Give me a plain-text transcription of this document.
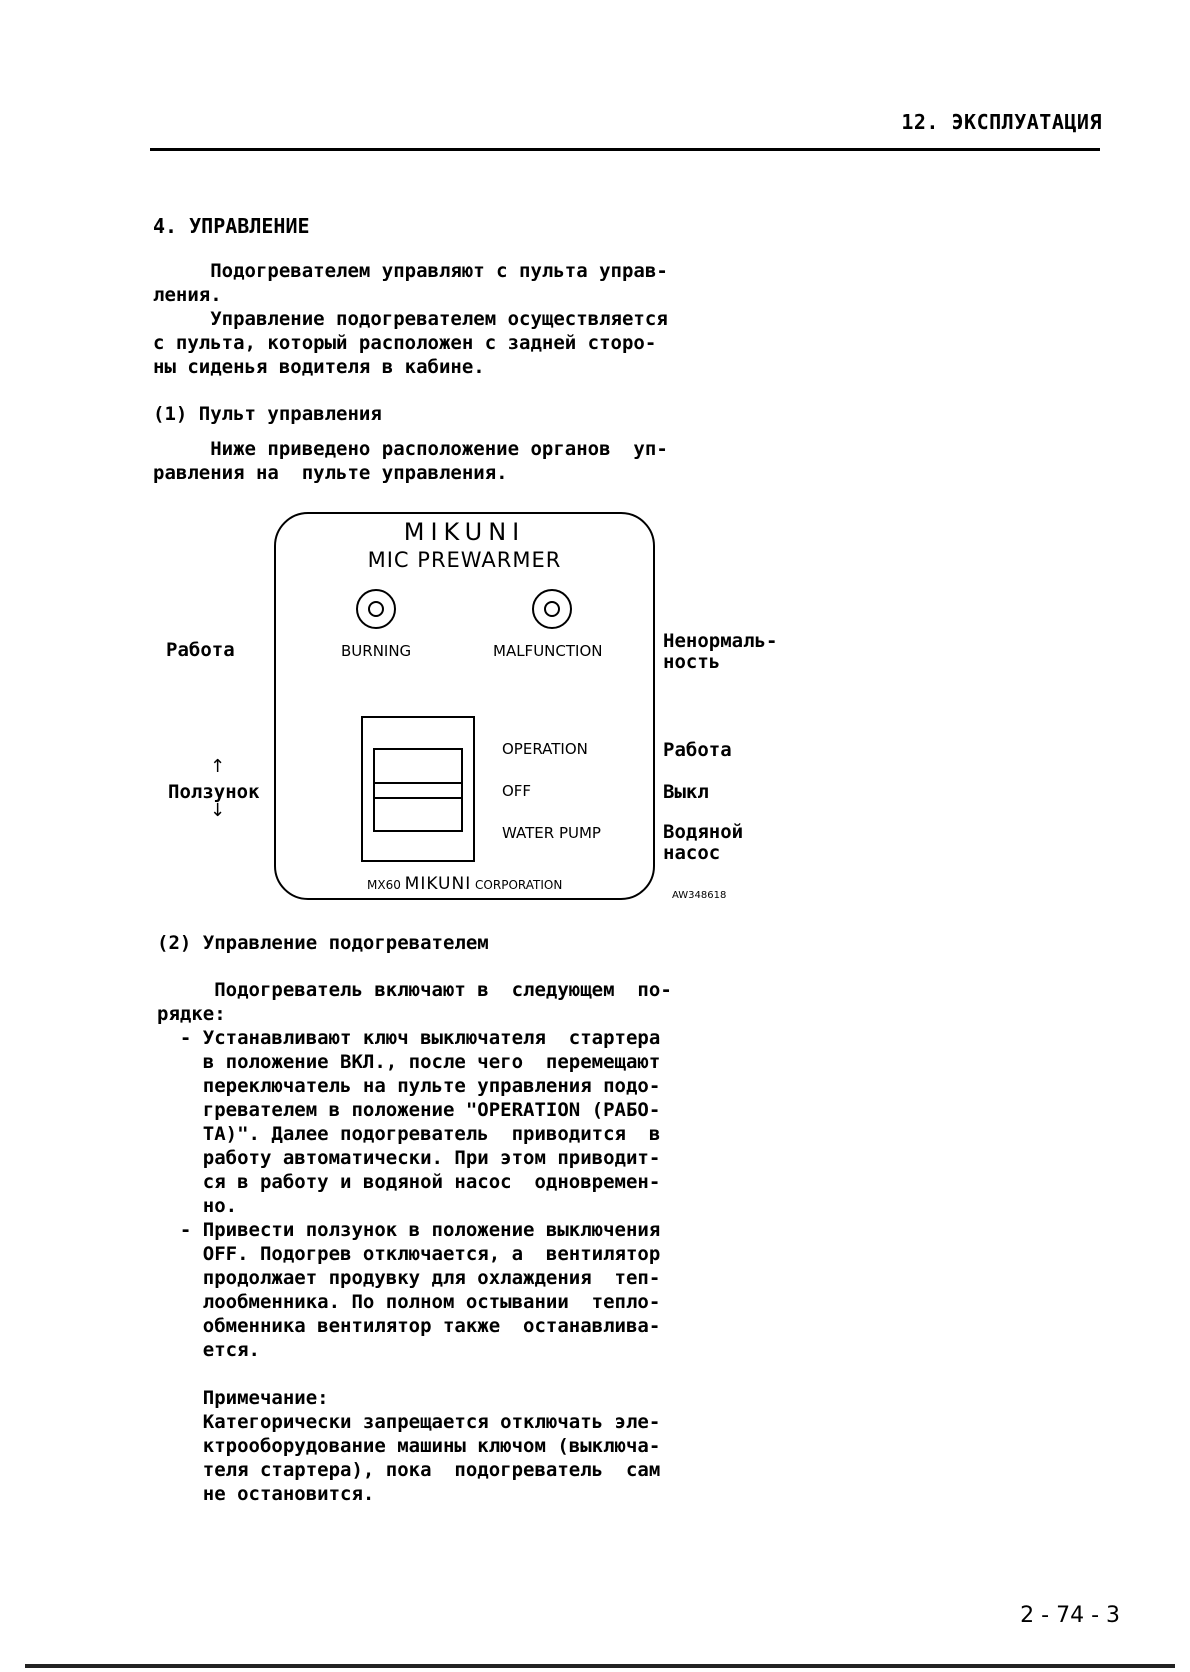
12. ЭКСПЛУАТАЦИЯ
4. УПРАВЛЕНИЕ
Подогревателем управляют с пульта управ-
ления.
Управление подогревателем осуществляется
с пульта, который расположен с задней сторо-
ны сиденья водителя в кабине.
(1) Пульт управления
Ниже приведено расположение органов  уп-
равления на  пульте управления.
MIKUNI
MIC PREWARMER
BURNING	MALFUNCTION
OPERATION
OFF
WATER PUMP
MX60 MIKUNI CORPORATION
AW348618
Работа
Ползунок
↑
↓
Ненормаль-
ность
Работа
Выкл
Водяной
насос
(2) Управление подогревателем
Подогреватель включают в  следующем  по-
рядке:
- Устанавливают ключ выключателя  стартера
в положение ВКЛ., после чего  перемещают
переключатель на пульте управления подо-
гревателем в положение "OPERATION (РАБО-
ТА)". Далее подогреватель  приводится  в
работу автоматически. При этом приводит-
ся в работу и водяной насос  одновремен-
но.
- Привести ползунок в положение выключения
OFF. Подогрев отключается, а  вентилятор
продолжает продувку для охлаждения  теп-
лообменника. По полном остывании  тепло-
обменника вентилятор также  останавлива-
ется.

Примечание:
Категорически запрещается отключать эле-
ктрооборудование машины ключом (выключа-
теля стартера), пока  подогреватель  сам
не остановится.
2 - 74 - 3
